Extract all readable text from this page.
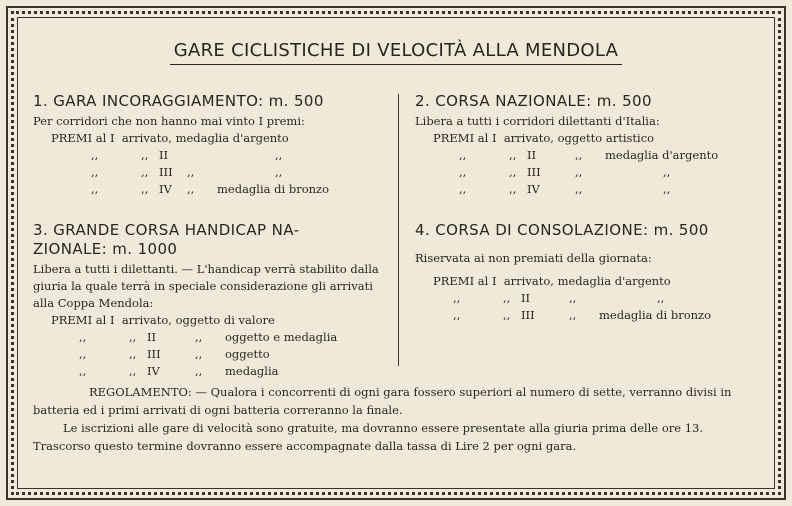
GARE CICLISTICHE DI VELOCITÀ ALLA MENDOLA
1. GARA INCORAGGIAMENTO: m. 500

Per corridori che non hanno mai vinto I premi:

PREMI al I arrivato, medaglia d'argento
,,	,, II	,,
,,	,, III ,,	,,
,,	,, IV ,, medaglia di bronzo
2. CORSA NAZIONALE: m. 500

Libera a tutti i corridori dilettanti d'Italia:

PREMI al I arrivato, oggetto artistico
,,	,, II	,, medaglia d'argento
,,	,, III	,,	,,
,,	,, IV	,,	,,
3. GRANDE CORSA HANDICAP NA-
ZIONALE: m. 1000

Libera a tutti i dilettanti. — L'handicap verrà stabilito dalla giuria la quale terrà in speciale considerazione gli arrivati alla Coppa Mendola:

PREMI al I arrivato, oggetto di valore
,,	,, II	,, oggetto e medaglia
,,	,, III	,, oggetto
,,	,, IV	,, medaglia
4. CORSA DI CONSOLAZIONE: m. 500

Riservata ai non premiati della giornata:

PREMI al I arrivato, medaglia d'argento
,,	,, II	,,	,,
,,	,, III	,, medaglia di bronzo

REGOLAMENTO: — Qualora i concorrenti di ogni gara fossero superiori al numero di sette, verranno divisi in batteria ed i primi arrivati di ogni batteria correranno la finale.

Le iscrizioni alle gare di velocità sono gratuite, ma dovranno essere presentate alla giuria prima delle ore 13. Trascorso questo termine dovranno essere accompagnate dalla tassa di Lire 2 per ogni gara.
